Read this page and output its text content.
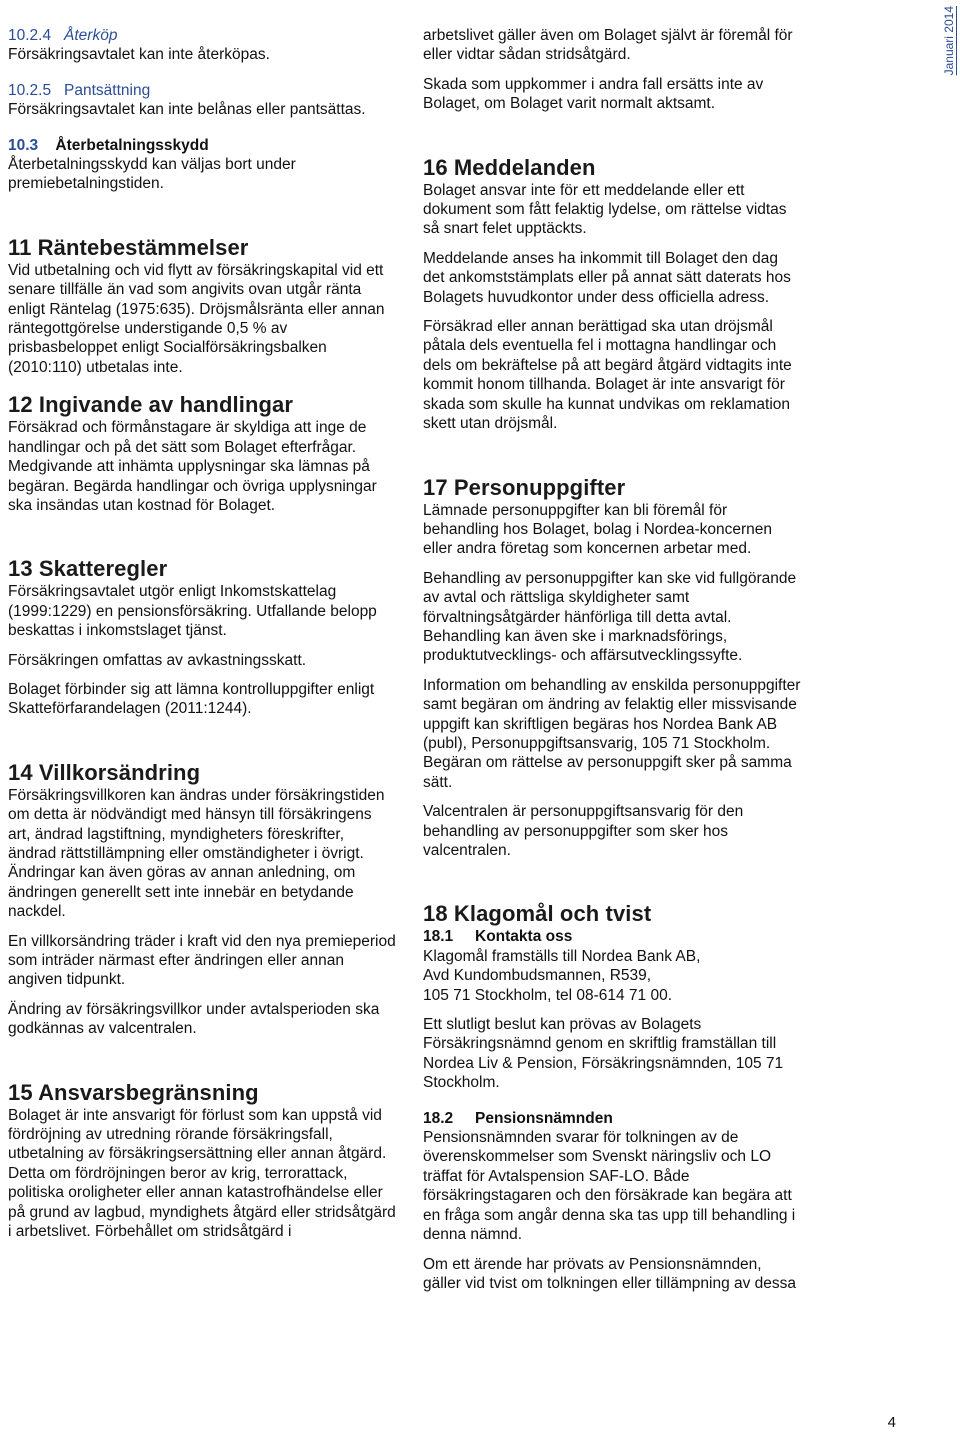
Januari 2014
10.2.4 Återköp
Försäkringsavtalet kan inte återköpas.
10.2.5 Pantsättning
Försäkringsavtalet kan inte belånas eller pantsättas.
10.3 Återbetalningsskydd
Återbetalningsskydd kan väljas bort under premiebetalningstiden.
11 Räntebestämmelser

Vid utbetalning och vid flytt av försäkringskapital vid ett senare tillfälle än vad som angivits ovan utgår ränta enligt Räntelag (1975:635). Dröjsmålsränta eller annan räntegottgörelse understigande 0,5 % av prisbasbeloppet enligt Socialförsäkringsbalken (2010:110) utbetalas inte.

12 Ingivande av handlingar

Försäkrad och förmånstagare är skyldiga att inge de handlingar och på det sätt som Bolaget efterfrågar. Medgivande att inhämta upplysningar ska lämnas på begäran. Begärda handlingar och övriga upplysningar ska insändas utan kostnad för Bolaget.

13 Skatteregler

Försäkringsavtalet utgör enligt Inkomstskattelag (1999:1229) en pensionsförsäkring. Utfallande belopp beskattas i inkomstslaget tjänst.

Försäkringen omfattas av avkastningsskatt.

Bolaget förbinder sig att lämna kontrolluppgifter enligt Skatteförfarandelagen (2011:1244).

14 Villkorsändring

Försäkringsvillkoren kan ändras under försäkringstiden om detta är nödvändigt med hänsyn till försäkringens art, ändrad lagstiftning, myndigheters föreskrifter, ändrad rättstillämpning eller omständigheter i övrigt. Ändringar kan även göras av annan anledning, om ändringen generellt sett inte innebär en betydande nackdel.

En villkorsändring träder i kraft vid den nya premieperiod som inträder närmast efter ändringen eller annan angiven tidpunkt.

Ändring av försäkringsvillkor under avtalsperioden ska godkännas av valcentralen.

15 Ansvarsbegränsning

Bolaget är inte ansvarigt för förlust som kan uppstå vid fördröjning av utredning rörande försäkringsfall, utbetalning av försäkringsersättning eller annan åtgärd. Detta om fördröjningen beror av krig, terrorattack, politiska oroligheter eller annan katastrofhändelse eller på grund av lagbud, myndighets åtgärd eller stridsåtgärd i arbetslivet. Förbehållet om stridsåtgärd i

arbetslivet gäller även om Bolaget självt är föremål för eller vidtar sådan stridsåtgärd.

Skada som uppkommer i andra fall ersätts inte av Bolaget, om Bolaget varit normalt aktsamt.

16 Meddelanden

Bolaget ansvar inte för ett meddelande eller ett dokument som fått felaktig lydelse, om rättelse vidtas så snart felet upptäckts.

Meddelande anses ha inkommit till Bolaget den dag det ankomststämplats eller på annat sätt daterats hos Bolagets huvudkontor under dess officiella adress.

Försäkrad eller annan berättigad ska utan dröjsmål påtala dels eventuella fel i mottagna handlingar och dels om bekräftelse på att begärd åtgärd vidtagits inte kommit honom tillhanda. Bolaget är inte ansvarigt för skada som skulle ha kunnat undvikas om reklamation skett utan dröjsmål.

17 Personuppgifter

Lämnade personuppgifter kan bli föremål för behandling hos Bolaget, bolag i Nordea-koncernen eller andra företag som koncernen arbetar med.

Behandling av personuppgifter kan ske vid fullgörande av avtal och rättsliga skyldigheter samt förvaltningsåtgärder hänförliga till detta avtal. Behandling kan även ske i marknadsförings, produktutvecklings- och affärsutvecklingssyfte.

Information om behandling av enskilda personuppgifter samt begäran om ändring av felaktig eller missvisande uppgift kan skriftligen begäras hos Nordea Bank AB (publ), Personuppgiftsansvarig, 105 71 Stockholm. Begäran om rättelse av personuppgift sker på samma sätt.

Valcentralen är personuppgiftsansvarig för den behandling av personuppgifter som sker hos valcentralen.

18 Klagomål och tvist
18.1 Kontakta oss
Klagomål framställs till Nordea Bank AB,
Avd Kundombudsmannen, R539,
105 71 Stockholm, tel 08-614 71 00.

Ett slutligt beslut kan prövas av Bolagets Försäkringsnämnd genom en skriftlig framställan till Nordea Liv & Pension, Försäkringsnämnden, 105 71 Stockholm.

18.2 Pensionsnämnden

Pensionsnämnden svarar för tolkningen av de överenskommelser som Svenskt näringsliv och LO träffat för Avtalspension SAF-LO. Både försäkringstagaren och den försäkrade kan begära att en fråga som angår denna ska tas upp till behandling i denna nämnd.

Om ett ärende har prövats av Pensionsnämnden, gäller vid tvist om tolkningen eller tillämpning av dessa

4
